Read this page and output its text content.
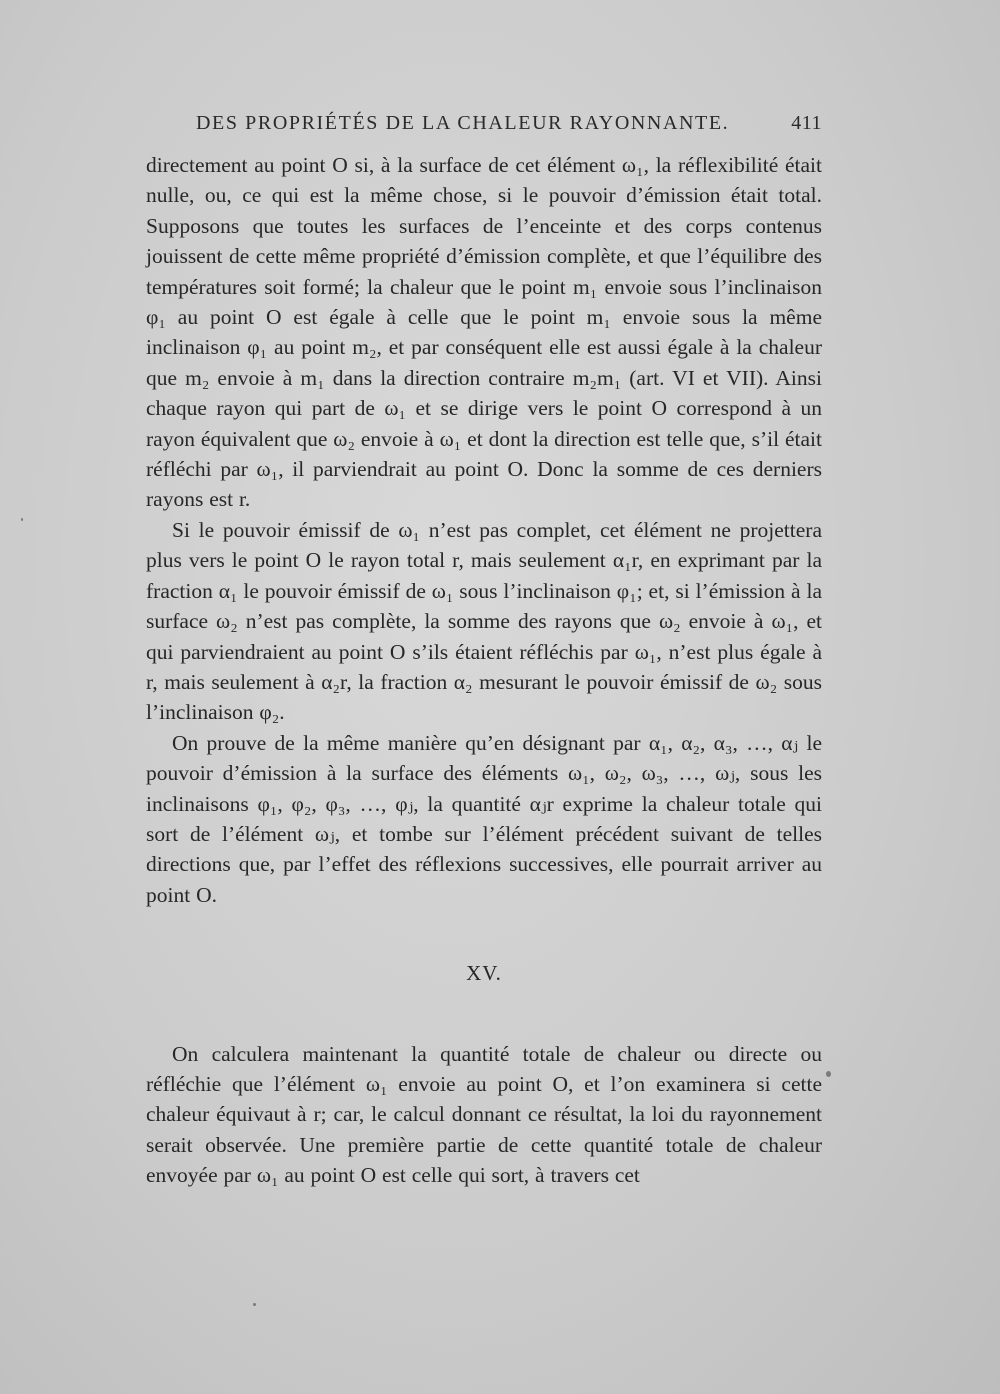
DES PROPRIÉTÉS DE LA CHALEUR RAYONNANTE.	411

directement au point O si, à la surface de cet élément ω₁, la réflexibilité était nulle, ou, ce qui est la même chose, si le pouvoir d’émission était total. Supposons que toutes les surfaces de l’enceinte et des corps contenus jouissent de cette même propriété d’émission complète, et que l’équilibre des températures soit formé; la chaleur que le point m₁ envoie sous l’inclinaison φ₁ au point O est égale à celle que le point m₁ envoie sous la même inclinaison φ₁ au point m₂, et par conséquent elle est aussi égale à la chaleur que m₂ envoie à m₁ dans la direction contraire m₂m₁ (art. VI et VII). Ainsi chaque rayon qui part de ω₁ et se dirige vers le point O correspond à un rayon équivalent que ω₂ envoie à ω₁ et dont la direction est telle que, s’il était réfléchi par ω₁, il parviendrait au point O. Donc la somme de ces derniers rayons est r.

Si le pouvoir émissif de ω₁ n’est pas complet, cet élément ne projettera plus vers le point O le rayon total r, mais seulement α₁r, en exprimant par la fraction α₁ le pouvoir émissif de ω₁ sous l’inclinaison φ₁; et, si l’émission à la surface ω₂ n’est pas complète, la somme des rayons que ω₂ envoie à ω₁, et qui parviendraient au point O s’ils étaient réfléchis par ω₁, n’est plus égale à r, mais seulement à α₂r, la fraction α₂ mesurant le pouvoir émissif de ω₂ sous l’inclinaison φ₂.

On prouve de la même manière qu’en désignant par α₁, α₂, α₃, …, αⱼ le pouvoir d’émission à la surface des éléments ω₁, ω₂, ω₃, …, ωⱼ, sous les inclinaisons φ₁, φ₂, φ₃, …, φⱼ, la quantité αⱼr exprime la chaleur totale qui sort de l’élément ωⱼ, et tombe sur l’élément précédent suivant de telles directions que, par l’effet des réflexions successives, elle pourrait arriver au point O.

XV.

On calculera maintenant la quantité totale de chaleur ou directe ou réfléchie que l’élément ω₁ envoie au point O, et l’on examinera si cette chaleur équivaut à r; car, le calcul donnant ce résultat, la loi du rayonnement serait observée. Une première partie de cette quantité totale de chaleur envoyée par ω₁ au point O est celle qui sort, à travers cet
